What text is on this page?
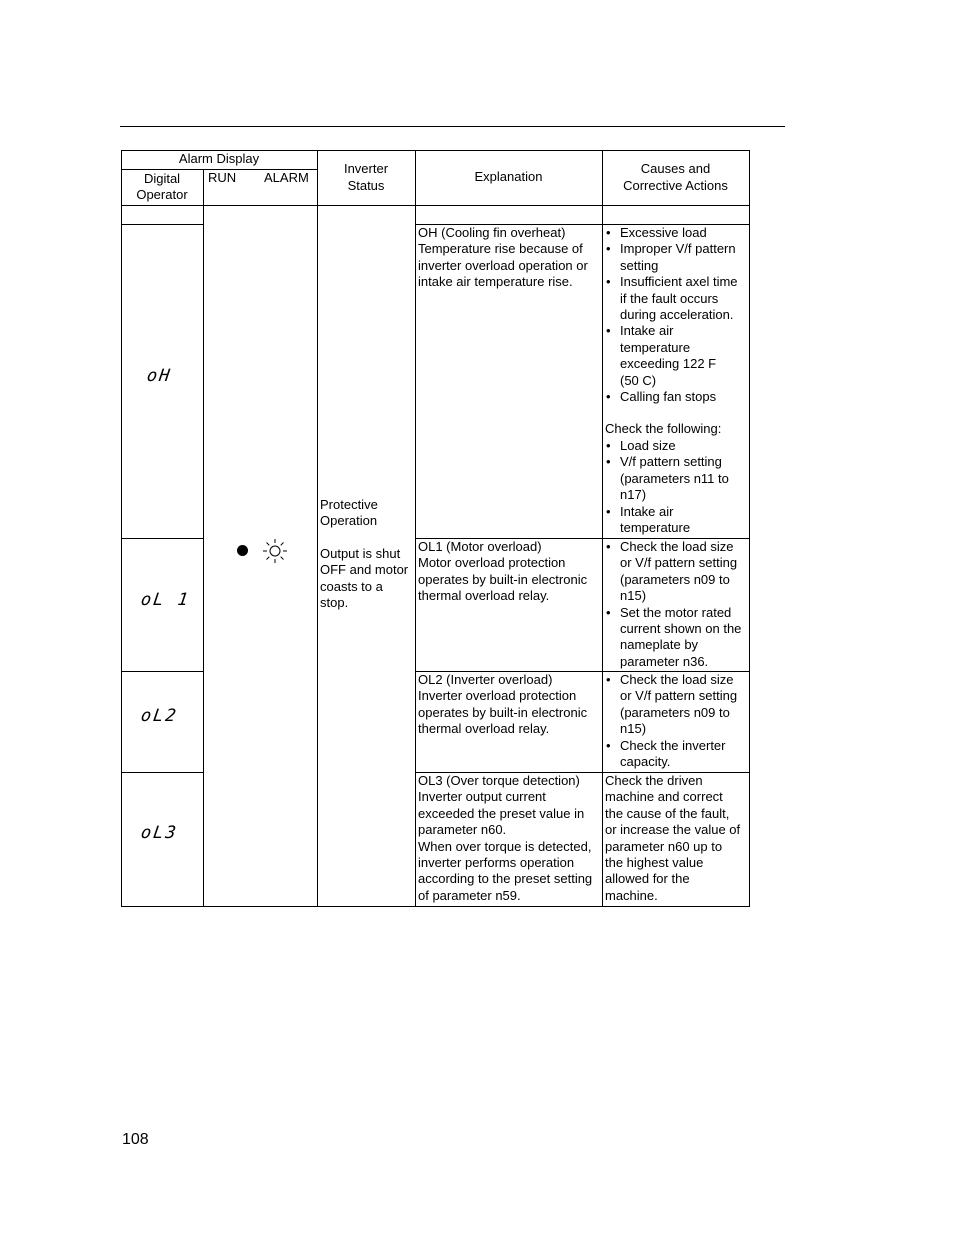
Alarm Display
Digital
Operator
RUN	ALARM
Inverter
Status
Explanation
Causes and
Corrective Actions
Protective
Operation
Output is shut
OFF and motor
coasts to a
stop.
oH
OH (Cooling fin overheat)
Temperature rise because of
inverter overload operation or
intake air temperature rise.
• Excessive load
• Improper V/f pattern
setting
• Insufficient axel time
if the fault occurs
during acceleration.
• Intake air
temperature
exceeding 122 F
(50 C)
• Calling fan stops
Check the following:
• Load size
• V/f pattern setting
(parameters n11 to
n17)
• Intake air
temperature
oL 1
OL1 (Motor overload)
Motor overload protection
operates by built-in electronic
thermal overload relay.
• Check the load size
or V/f pattern setting
(parameters n09 to
n15)
• Set the motor rated
current shown on the
nameplate by
parameter n36.
oL2
OL2 (Inverter overload)
Inverter overload protection
operates by built-in electronic
thermal overload relay.
• Check the load size
or V/f pattern setting
(parameters n09 to
n15)
• Check the inverter
capacity.
oL3
OL3 (Over torque detection)
Inverter output current
exceeded the preset value in
parameter n60.
When over torque is detected,
inverter performs operation
according to the preset setting
of parameter n59.
Check the driven
machine and correct
the cause of the fault,
or increase the value of
parameter n60 up to
the highest value
allowed for the
machine.
108
